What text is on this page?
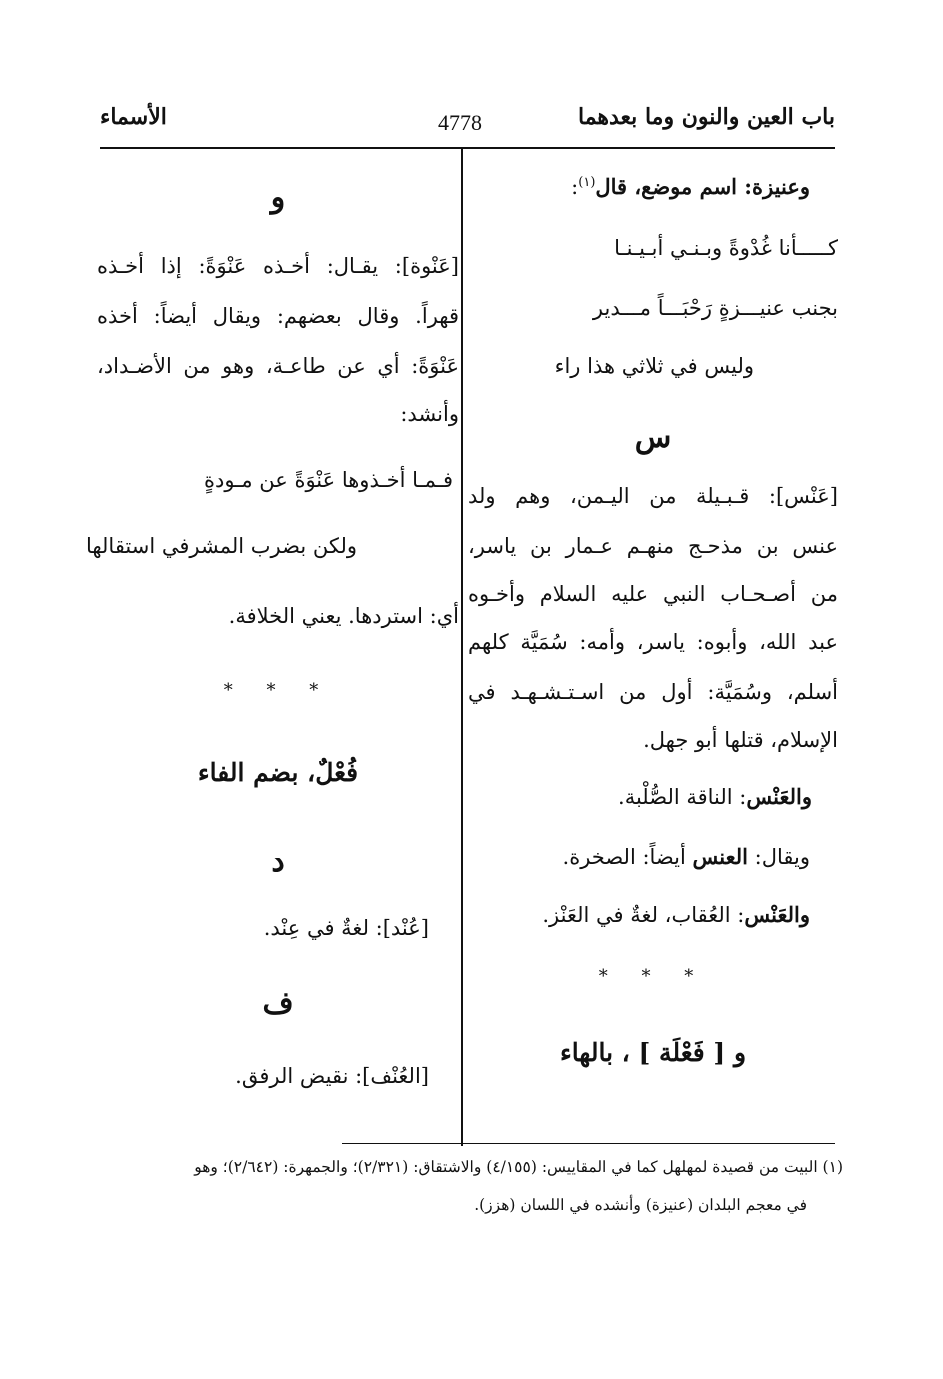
باب العين والنون وما بعدهما
4778
الأسماء
وعنيزة: اسم موضع، قال$^{(١)}$:
كـــــأنا غُدْوةً وبـنـي أبـيـنـا
بجنب عنيـــزةٍ رَحْبَـــاً مـــدير
وليس في ثلاثي هذا راء
س
[عَنْس]: قـبـيلة من اليـمن، وهم ولد
عنس بن مذحـج منهـم عـمار بن ياسر،
من أصـحـاب النبي عليه السلام وأخـوه
عبد الله، وأبوه: ياسر، وأمه: سُمَيَّة كلهم
أسلم، وسُمَيَّة: أول من اسـتـشـهـد في
الإسلام، قتلها أبو جهل.
والعَنْس: الناقة الصُّلْبة.
ويقال: العنس أيضاً: الصخرة.
والعَنْس: العُقاب، لغةٌ في العَنْز.
* * *
و [ فَعْلَة ] ، بالهاء
و
[عَنْوة]: يقـال: أخـذه عَنْوَةً: إذا أخـذه
قهراً. وقال بعضهم: ويقال أيضاً: أخذه
عَنْوَةً: أي عن طاعـة، وهو من الأضـداد،
وأنشد:
فـمـا أخـذوها عَنْوَةً عن مـودةٍ
ولكن بضرب المشرفي استقالها
أي: استردها. يعني الخلافة.
* * *
فُعْلٌ، بضم الفاء
د
[عُنْد]: لغةٌ في عِنْد.
ف
[العُنْف]: نقيض الرفق.
(١) البيت من قصيدة لمهلهل كما في المقاييس: (٤/١٥٥) والاشتقاق: (٢/٣٢١)؛ والجمهرة: (٢/٦٤٢)؛ وهو
في معجم البلدان (عنيزة) وأنشده في اللسان (هزز).
